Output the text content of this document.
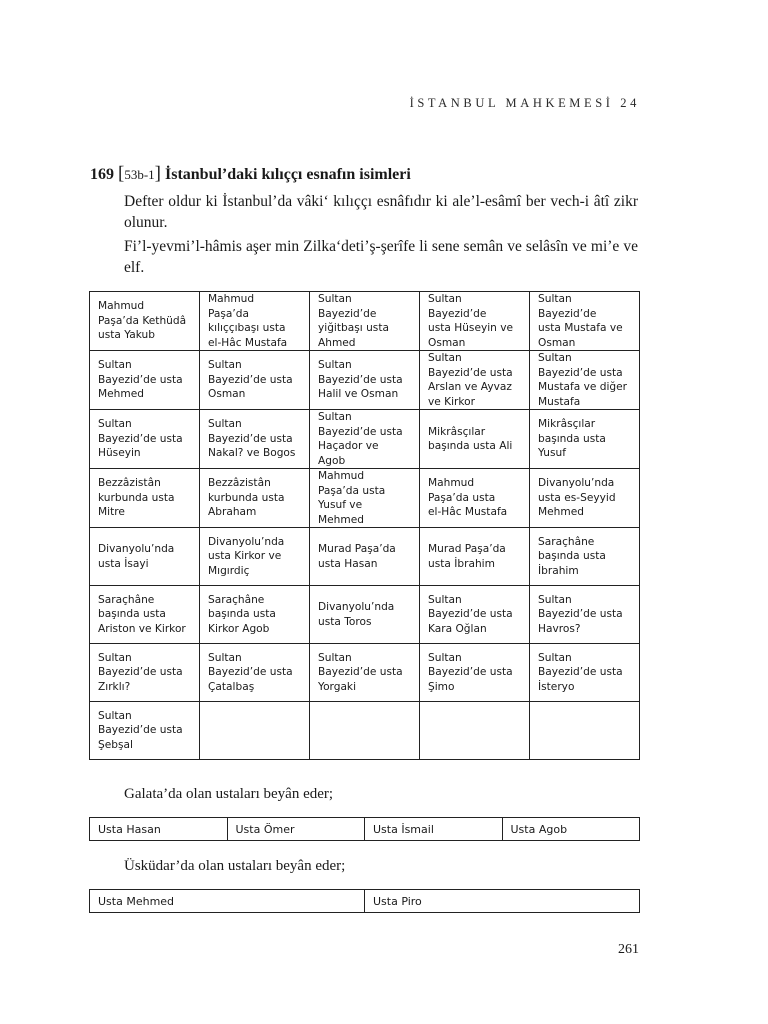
İSTANBUL MAHKEMESİ 24
169 [53b-1] İstanbul’daki kılıççı esnafın isimleri

Defter oldur ki İstanbul’da vâki‘ kılıççı esnâfıdır ki ale’l-esâmî ber vech-i âtî zikr olunur.

Fi’l-yevmi’l-hâmis aşer min Zilka‘deti’ş-şerîfe li sene semân ve selâsîn ve mi’e ve elf.

Mahmud
Paşa’da Kethüdâ
usta Yakub	Mahmud
Paşa’da
kılıççıbaşı usta
el-Hâc Mustafa	Sultan
Bayezid’de
yiğitbaşı usta
Ahmed	Sultan
Bayezid’de
usta Hüseyin ve
Osman	Sultan
Bayezid’de
usta Mustafa ve
Osman

Sultan
Bayezid’de usta
Mehmed	Sultan
Bayezid’de usta
Osman	Sultan
Bayezid’de usta
Halil ve Osman	Sultan
Bayezid’de usta
Arslan ve Ayvaz
ve Kirkor	Sultan
Bayezid’de usta
Mustafa ve diğer
Mustafa

Sultan
Bayezid’de usta
Hüseyin	Sultan
Bayezid’de usta
Nakal? ve Bogos	Sultan
Bayezid’de usta
Haçador ve
Agob	Mikrâsçılar
başında usta Ali	Mikrâsçılar
başında usta
Yusuf

Bezzâzistân
kurbunda usta
Mitre	Bezzâzistân
kurbunda usta
Abraham	Mahmud
Paşa’da usta
Yusuf ve Mehmed	Mahmud
Paşa’da usta
el-Hâc Mustafa	Divanyolu’nda
usta es-Seyyid
Mehmed

Divanyolu’nda
usta İsayi	Divanyolu’nda
usta Kirkor ve
Mıgırdiç	Murad Paşa’da
usta Hasan	Murad Paşa’da
usta İbrahim	Saraçhâne
başında usta
İbrahim

Saraçhâne
başında usta
Ariston ve Kirkor	Saraçhâne
başında usta
Kirkor Agob	Divanyolu’nda
usta Toros	Sultan
Bayezid’de usta
Kara Oğlan	Sultan
Bayezid’de usta
Havros?

Sultan
Bayezid’de usta
Zırklı?	Sultan
Bayezid’de usta
Çatalbaş	Sultan
Bayezid’de usta
Yorgaki	Sultan
Bayezid’de usta
Şimo	Sultan
Bayezid’de usta
İsteryo

Sultan
Bayezid’de usta
Şebşal				

Galata’da olan ustaları beyân eder;

Usta Hasan	Usta Ömer	Usta İsmail	Usta Agob

Üsküdar’da olan ustaları beyân eder;

Usta Mehmed	Usta Piro
261
